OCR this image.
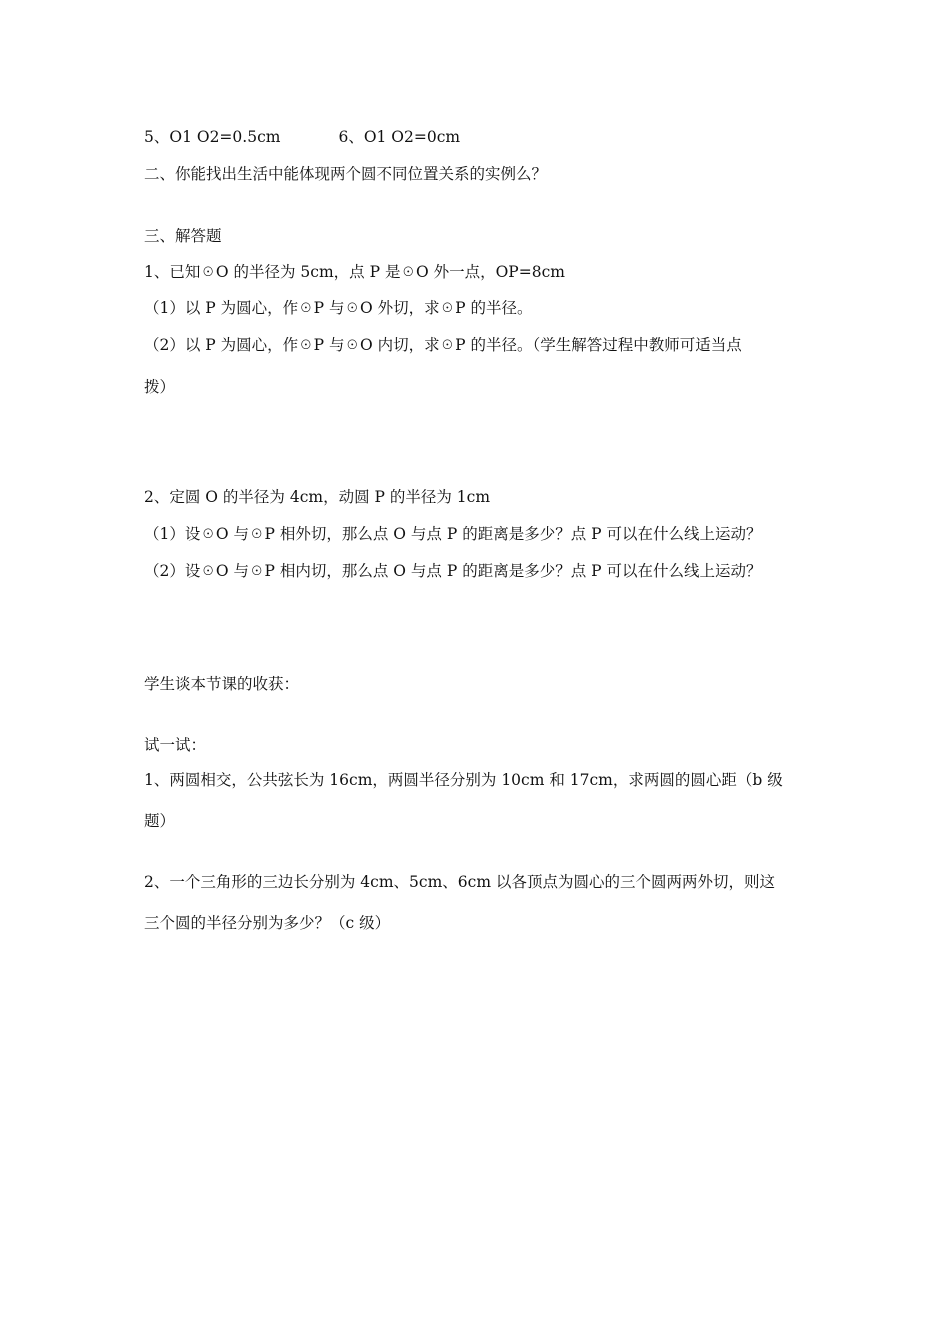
5、O1 O2=0.5cm	6、O1 O2=0cm
二、你能找出生活中能体现两个圆不同位置关系的实例么？
三、解答题
1、已知☉O 的半径为 5cm，点 P 是☉O 外一点，OP=8cm
（1）以 P 为圆心，作☉P 与☉O 外切，求☉P 的半径。
（2）以 P 为圆心，作☉P 与☉O 内切，求☉P 的半径。（学生解答过程中教师可适当点
拨）
2、定圆 O 的半径为 4cm，动圆 P 的半径为 1cm
（1）设☉O 与☉P 相外切，那么点 O 与点 P 的距离是多少？点 P 可以在什么线上运动？
（2）设☉O 与☉P 相内切，那么点 O 与点 P 的距离是多少？点 P 可以在什么线上运动？
学生谈本节课的收获：
试一试：
1、两圆相交，公共弦长为 16cm，两圆半径分别为 10cm 和 17cm，求两圆的圆心距（b 级
题）
2、一个三角形的三边长分别为 4cm、5cm、6cm 以各顶点为圆心的三个圆两两外切，则这
三个圆的半径分别为多少？（c 级）
